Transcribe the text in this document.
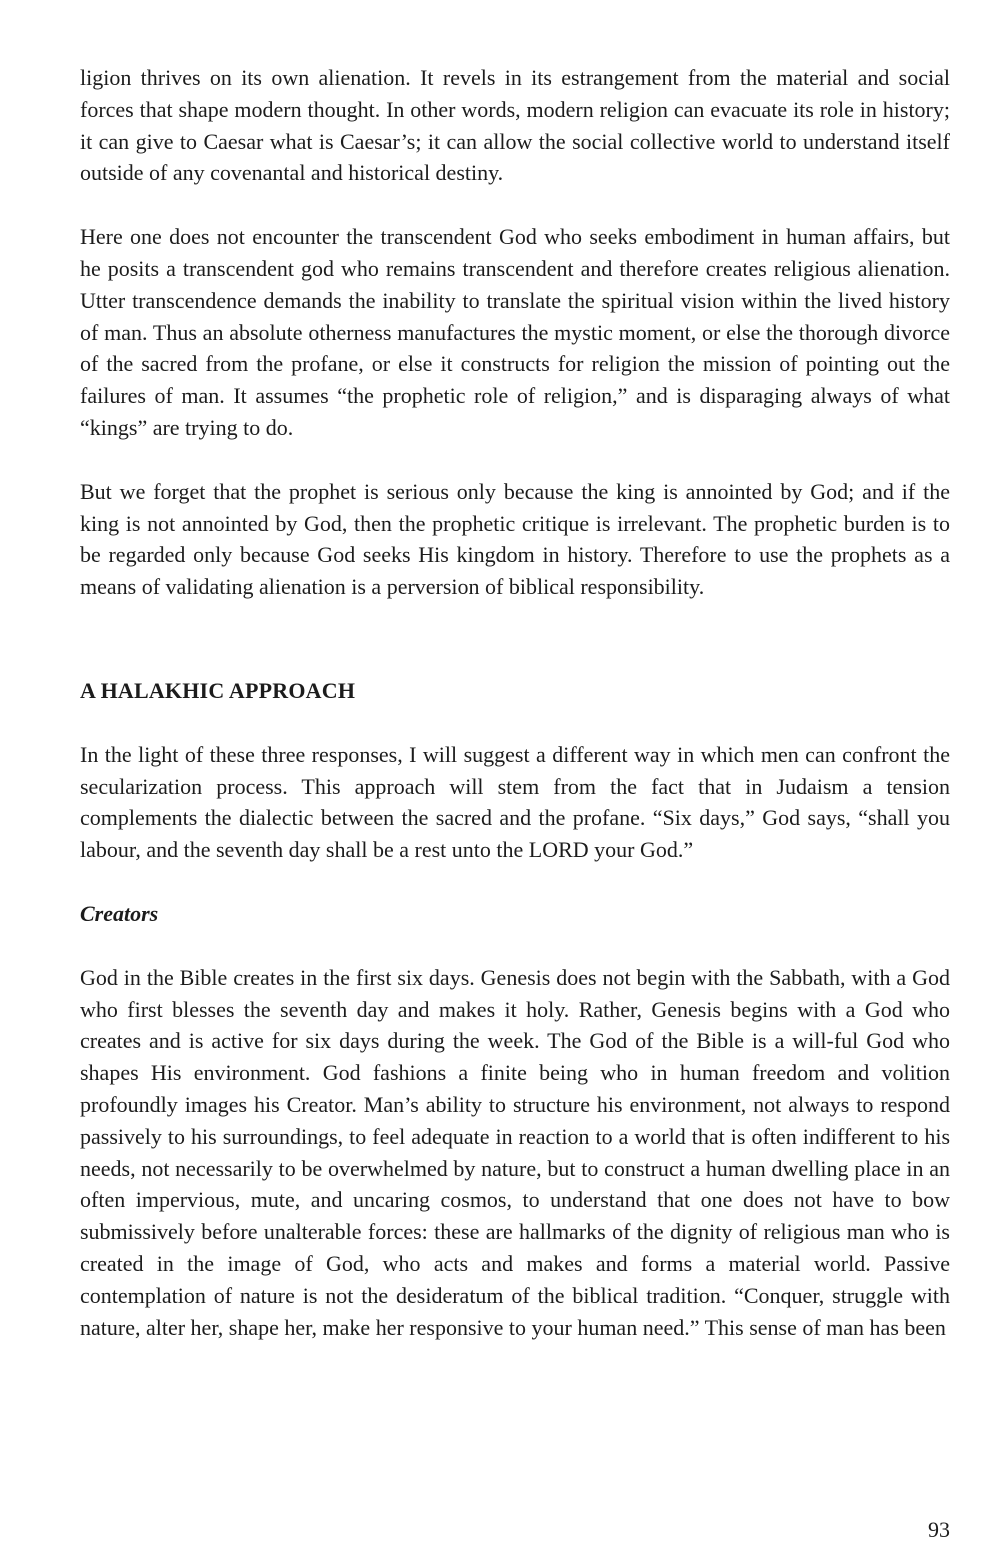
ligion thrives on its own alienation. It revels in its estrangement from the material and social forces that shape modern thought. In other words, modern religion can evacuate its role in history; it can give to Caesar what is Caesar’s; it can allow the social collective world to understand itself outside of any covenantal and historical destiny.

Here one does not encounter the transcendent God who seeks embodiment in human affairs, but he posits a transcendent god who remains transcendent and therefore creates religious alienation. Utter transcendence demands the inability to translate the spiritual vision within the lived history of man. Thus an absolute otherness manufactures the mystic moment, or else the thorough divorce of the sacred from the profane, or else it constructs for religion the mission of pointing out the failures of man. It assumes “the prophetic role of religion,” and is disparaging always of what “kings” are trying to do.

But we forget that the prophet is serious only because the king is annointed by God; and if the king is not annointed by God, then the prophetic critique is irrelevant. The prophetic burden is to be regarded only because God seeks His kingdom in history. Therefore to use the prophets as a means of validating alienation is a perversion of biblical responsibility.

A HALAKHIC APPROACH

In the light of these three responses, I will suggest a different way in which men can confront the secularization process. This approach will stem from the fact that in Judaism a tension complements the dialectic between the sacred and the profane. “Six days,” God says, “shall you labour, and the seventh day shall be a rest unto the LORD your God.”

Creators

God in the Bible creates in the first six days. Genesis does not begin with the Sabbath, with a God who first blesses the seventh day and makes it holy. Rather, Genesis begins with a God who creates and is active for six days during the week. The God of the Bible is a will-ful God who shapes His environment. God fashions a finite being who in human freedom and volition profoundly images his Creator. Man’s ability to structure his environment, not always to respond passively to his surroundings, to feel adequate in reaction to a world that is often indifferent to his needs, not necessarily to be overwhelmed by nature, but to construct a human dwelling place in an often impervious, mute, and uncaring cosmos, to understand that one does not have to bow submissively before unalterable forces: these are hallmarks of the dignity of religious man who is created in the image of God, who acts and makes and forms a material world. Passive contemplation of nature is not the desideratum of the biblical tradition. “Conquer, struggle with nature, alter her, shape her, make her responsive to your human need.” This sense of man has been

93
